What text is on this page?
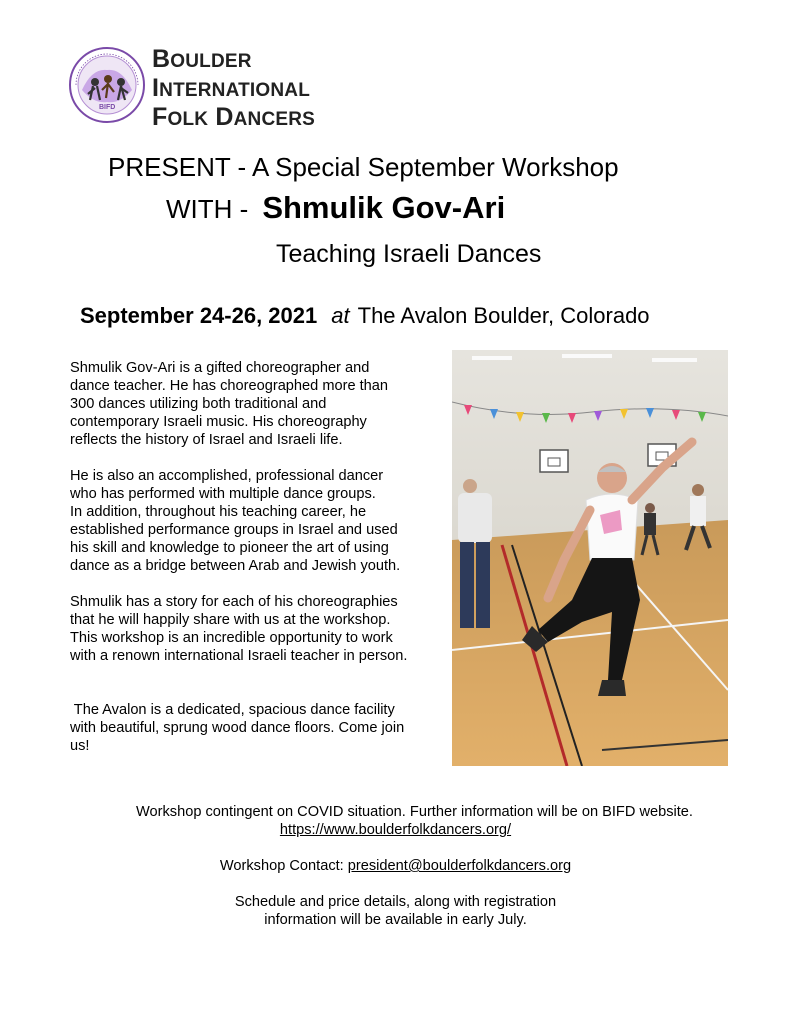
BIFD
BOULDER
INTERNATIONAL
FOLK DANCERS
PRESENT - A Special September Workshop
WITH - Shmulik Gov-Ari
Teaching Israeli Dances
September 24-26, 2021 at The Avalon Boulder, Colorado

Shmulik Gov-Ari is a gifted choreographer and
dance teacher. He has choreographed more than
300 dances utilizing both traditional and
contemporary Israeli music. His choreography
reflects the history of Israel and Israeli life.

He is also an accomplished, professional dancer
who has performed with multiple dance groups.
In addition, throughout his teaching career, he
established performance groups in Israel and used
his skill and knowledge to pioneer the art of using
dance as a bridge between Arab and Jewish youth.

Shmulik has a story for each of his choreographies
that he will happily share with us at the workshop.
This workshop is an incredible opportunity to work
with a renown international Israeli teacher in person.

The Avalon is a dedicated, spacious dance facility
with beautiful, sprung wood dance floors. Come join
us!

Workshop contingent on COVID situation. Further information will be on BIFD website.

https://www.boulderfolkdancers.org/

Workshop Contact: president@boulderfolkdancers.org

Schedule and price details, along with registration

information will be available in early July.
